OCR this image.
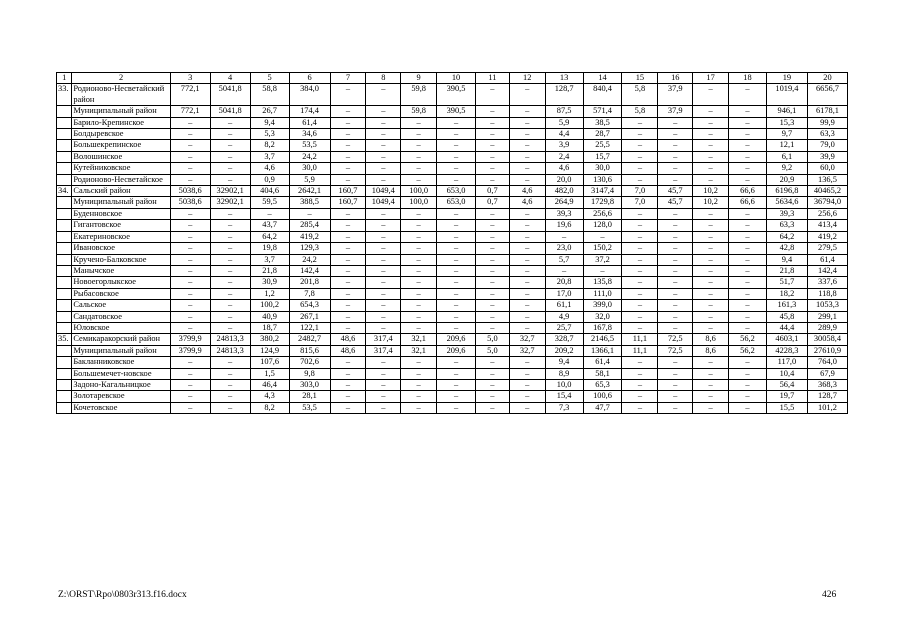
1	2	3	4	5	6	7	8	9	10	11	12	13	14	15	16	17	18	19	20
33.	Родионово-Несветайский район	772,1	5041,8	58,8	384,0	–	–	59,8	390,5	–	–	128,7	840,4	5,8	37,9	–	–	1019,4	6656,7
	Муниципальный район	772,1	5041,8	26,7	174,4	–	–	59,8	390,5	–	–	87,5	571,4	5,8	37,9	–	–	946,1	6178,1
	Барило-Крепинское	–	–	9,4	61,4	–	–	–	–	–	–	5,9	38,5	–	–	–	–	15,3	99,9
	Болдыревское	–	–	5,3	34,6	–	–	–	–	–	–	4,4	28,7	–	–	–	–	9,7	63,3
	Большекрепинское	–	–	8,2	53,5	–	–	–	–	–	–	3,9	25,5	–	–	–	–	12,1	79,0
	Волошинское	–	–	3,7	24,2	–	–	–	–	–	–	2,4	15,7	–	–	–	–	6,1	39,9
	Кутейниковское	–	–	4,6	30,0	–	–	–	–	–	–	4,6	30,0	–	–	–	–	9,2	60,0
	Родионово-Несветайское	–	–	0,9	5,9	–	–	–	–	–	–	20,0	130,6	–	–	–	–	20,9	136,5
34.	Сальский район	5038,6	32902,1	404,6	2642,1	160,7	1049,4	100,0	653,0	0,7	4,6	482,0	3147,4	7,0	45,7	10,2	66,6	6196,8	40465,2
	Муниципальный район	5038,6	32902,1	59,5	388,5	160,7	1049,4	100,0	653,0	0,7	4,6	264,9	1729,8	7,0	45,7	10,2	66,6	5634,6	36794,0
	Буденновское	–	–	–	–	–	–	–	–	–	–	39,3	256,6	–	–	–	–	39,3	256,6
	Гигантовское	–	–	43,7	285,4	–	–	–	–	–	–	19,6	128,0	–	–	–	–	63,3	413,4
	Екатериновское	–	–	64,2	419,2	–	–	–	–	–	–	–	–	–	–	–	–	64,2	419,2
	Ивановское	–	–	19,8	129,3	–	–	–	–	–	–	23,0	150,2	–	–	–	–	42,8	279,5
	Кручено-Балковское	–	–	3,7	24,2	–	–	–	–	–	–	5,7	37,2	–	–	–	–	9,4	61,4
	Манычское	–	–	21,8	142,4	–	–	–	–	–	–	–	–	–	–	–	–	21,8	142,4
	Новоегорлыкское	–	–	30,9	201,8	–	–	–	–	–	–	20,8	135,8	–	–	–	–	51,7	337,6
	Рыбасовское	–	–	1,2	7,8	–	–	–	–	–	–	17,0	111,0	–	–	–	–	18,2	118,8
	Сальское	–	–	100,2	654,3	–	–	–	–	–	–	61,1	399,0	–	–	–	–	161,3	1053,3
	Сандатовское	–	–	40,9	267,1	–	–	–	–	–	–	4,9	32,0	–	–	–	–	45,8	299,1
	Юловское	–	–	18,7	122,1	–	–	–	–	–	–	25,7	167,8	–	–	–	–	44,4	289,9
35.	Семикаракорский район	3799,9	24813,3	380,2	2482,7	48,6	317,4	32,1	209,6	5,0	32,7	328,7	2146,5	11,1	72,5	8,6	56,2	4603,1	30058,4
	Муниципальный район	3799,9	24813,3	124,9	815,6	48,6	317,4	32,1	209,6	5,0	32,7	209,2	1366,1	11,1	72,5	8,6	56,2	4228,3	27610,9
	Бакланниковское	–	–	107,6	702,6	–	–	–	–	–	–	9,4	61,4	–	–	–	–	117,0	764,0
	Большемечет-новское	–	–	1,5	9,8	–	–	–	–	–	–	8,9	58,1	–	–	–	–	10,4	67,9
	Задоно-Кагальницкое	–	–	46,4	303,0	–	–	–	–	–	–	10,0	65,3	–	–	–	–	56,4	368,3
	Золотаревское	–	–	4,3	28,1	–	–	–	–	–	–	15,4	100,6	–	–	–	–	19,7	128,7
	Кочетовское	–	–	8,2	53,5	–	–	–	–	–	–	7,3	47,7	–	–	–	–	15,5	101,2
Z:\ORST\Rpo\0803r313.f16.docx	426
